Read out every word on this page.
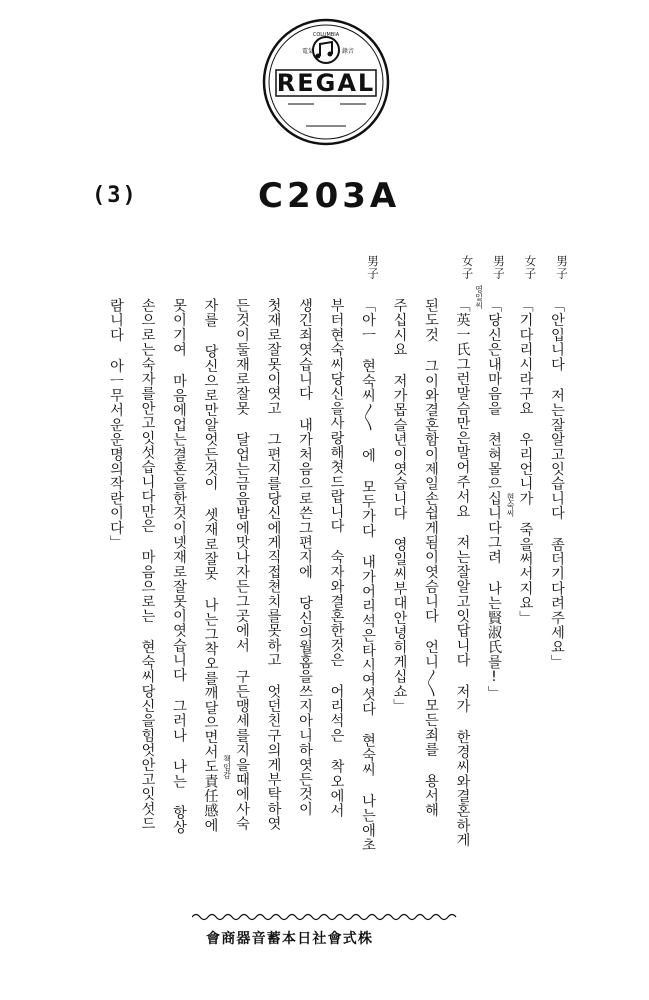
REGAL
電氣	錄音
COLUMBIA
(3)	C203A
男子
「안입니다 저는잘알고잇습니다 좀더기다려주세요」
女子
「기다리시라구요 우리언니가 죽을써서지요」
男子
「당신은내마음을 쳔혀몰으십니다그려 나는賢淑氏를!」
女子
「英一氏그런말슴만은말어주서요 저는잘알고잇답니다 저가 한경씨와결혼하게
된도것 그이와결혼함이제일손쉽게됨이엿슴니다 언니〳〵모든죄를 용서해
주십시요 저가몹슬년이엿습니다 영일씨부대안녕히게십쇼」
男子
「아ㅡ 현숙씨〳〵 에 모두가다 내가어리석은타시여셧다 현숙씨 나는애초
부터현숙씨당신을사랑해쳣드랍니다 숙자와결혼한것은 어리석은 착오에서
생긴죄엿습니다 내가처음으로쓴그편지에 당신의월홈을쓰지아니하엿든것이
첫재로잘못이엿고 그편지를당신에게직접쳔치를못하고 엇던친구의게부탁하엿
든것이둘재로잘못 달업는금음밤에맛나자든그곳에서 구든맹세를지을때에사숙
자를 당신으로만알엇든것이 셋재로잘못 나는그착오를깨달으면서도責任感에
못이기여 마음에업는결혼을한것이넷재로잘못이엿습니다 그러나 나는 항상
손으로는숙자를안고잇섯습니다만은 마음으로는 현숙씨당신을힘엇안고잇섯드
람니다 아ㅡ무서운운명의작란이다」	현숙씨
영일씨
책임감
會商器音蓄本日社會式株
